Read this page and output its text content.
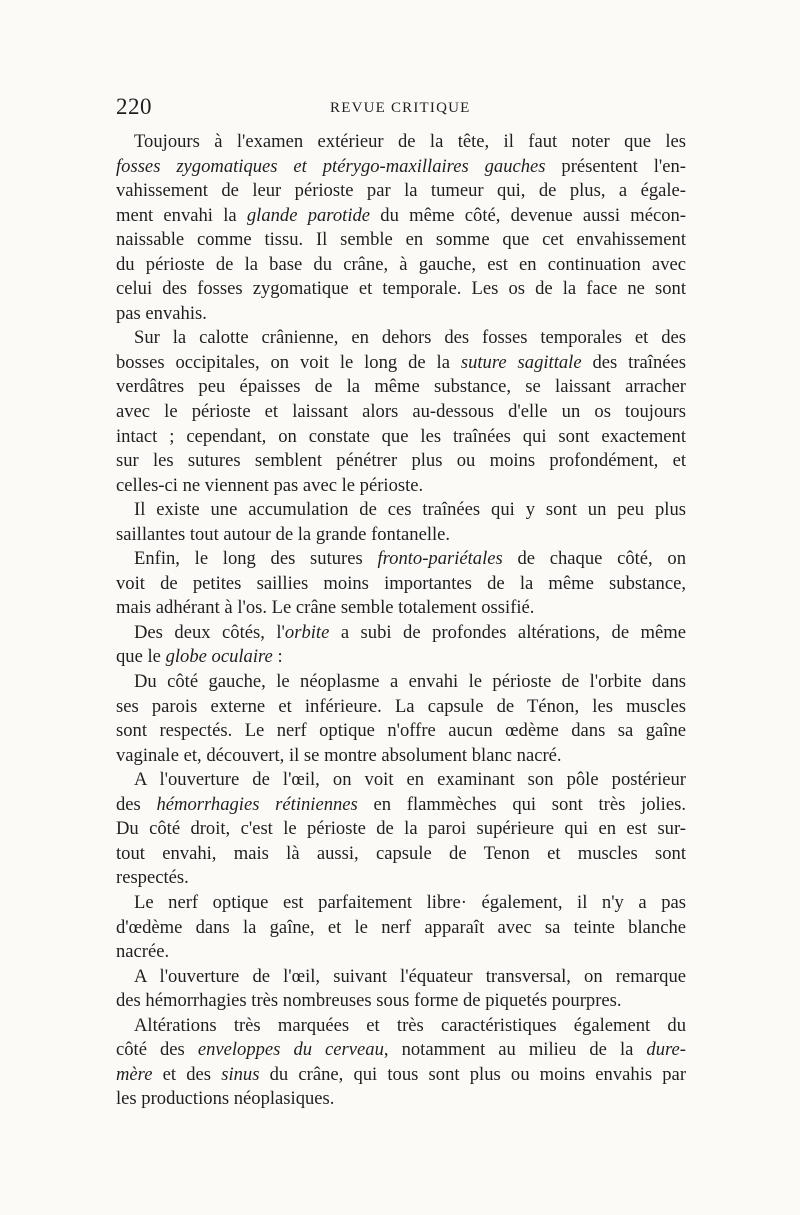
220	REVUE CRITIQUE
Toujours à l'examen extérieur de la tête, il faut noter que les
fosses zygomatiques et ptérygo-maxillaires gauches présentent l'en-
vahissement de leur périoste par la tumeur qui, de plus, a égale-
ment envahi la glande parotide du même côté, devenue aussi mécon-
naissable comme tissu. Il semble en somme que cet envahissement
du périoste de la base du crâne, à gauche, est en continuation avec
celui des fosses zygomatique et temporale. Les os de la face ne sont
pas envahis.
Sur la calotte crânienne, en dehors des fosses temporales et des
bosses occipitales, on voit le long de la suture sagittale des traînées
verdâtres peu épaisses de la même substance, se laissant arracher
avec le périoste et laissant alors au-dessous d'elle un os toujours
intact ; cependant, on constate que les traînées qui sont exactement
sur les sutures semblent pénétrer plus ou moins profondément, et
celles-ci ne viennent pas avec le périoste.
Il existe une accumulation de ces traînées qui y sont un peu plus
saillantes tout autour de la grande fontanelle.
Enfin, le long des sutures fronto-pariétales de chaque côté, on
voit de petites saillies moins importantes de la même substance,
mais adhérant à l'os. Le crâne semble totalement ossifié.
Des deux côtés, l'orbite a subi de profondes altérations, de même
que le globe oculaire :
Du côté gauche, le néoplasme a envahi le périoste de l'orbite dans
ses parois externe et inférieure. La capsule de Ténon, les muscles
sont respectés. Le nerf optique n'offre aucun œdème dans sa gaîne
vaginale et, découvert, il se montre absolument blanc nacré.
A l'ouverture de l'œil, on voit en examinant son pôle postérieur
des hémorrhagies rétiniennes en flammèches qui sont très jolies.
Du côté droit, c'est le périoste de la paroi supérieure qui en est sur-
tout envahi, mais là aussi, capsule de Tenon et muscles sont
respectés.
Le nerf optique est parfaitement libre· également, il n'y a pas
d'œdème dans la gaîne, et le nerf apparaît avec sa teinte blanche
nacrée.
A l'ouverture de l'œil, suivant l'équateur transversal, on remarque
des hémorrhagies très nombreuses sous forme de piquetés pourpres.
Altérations très marquées et très caractéristiques également du
côté des enveloppes du cerveau, notamment au milieu de la dure-
mère et des sinus du crâne, qui tous sont plus ou moins envahis par
les productions néoplasiques.
